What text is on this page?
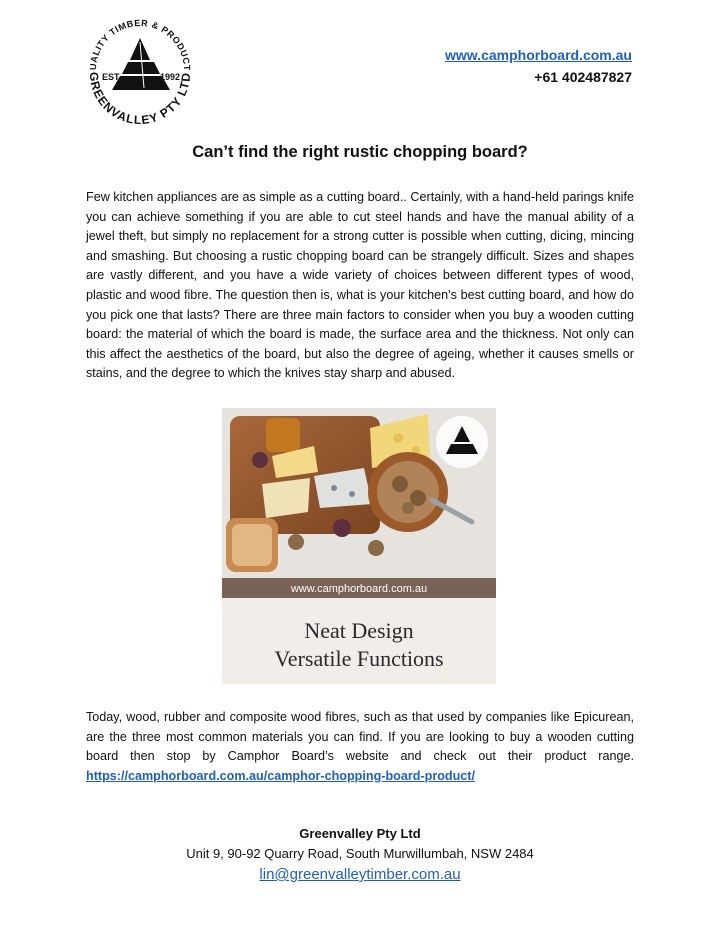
UALITY TIMBER & PRODUCT
GREENVALLEY PTY LTD
EST	1992
www.camphorboard.com.au
+61 402487827
Can’t find the right rustic chopping board?
Few kitchen appliances are as simple as a cutting board.. Certainly, with a hand-held parings knife you can achieve something if you are able to cut steel hands and have the manual ability of a jewel theft, but simply no replacement for a strong cutter is possible when cutting, dicing, mincing and smashing. But choosing a rustic chopping board can be strangely difficult. Sizes and shapes are vastly different, and you have a wide variety of choices between different types of wood, plastic and wood fibre. The question then is, what is your kitchen's best cutting board, and how do you pick one that lasts? There are three main factors to consider when you buy a wooden cutting board: the material of which the board is made, the surface area and the thickness. Not only can this affect the aesthetics of the board, but also the degree of ageing, whether it causes smells or stains, and the degree to which the knives stay sharp and abused.
www.camphorboard.com.au
Neat Design
Versatile Functions
Today, wood, rubber and composite wood fibres, such as that used by companies like Epicurean, are the three most common materials you can find. If you are looking to buy a wooden cutting board then stop by Camphor Board’s website and check out their product range. https://camphorboard.com.au/camphor-chopping-board-product/
Greenvalley Pty Ltd
Unit 9, 90-92 Quarry Road, South Murwillumbah, NSW 2484
lin@greenvalleytimber.com.au
